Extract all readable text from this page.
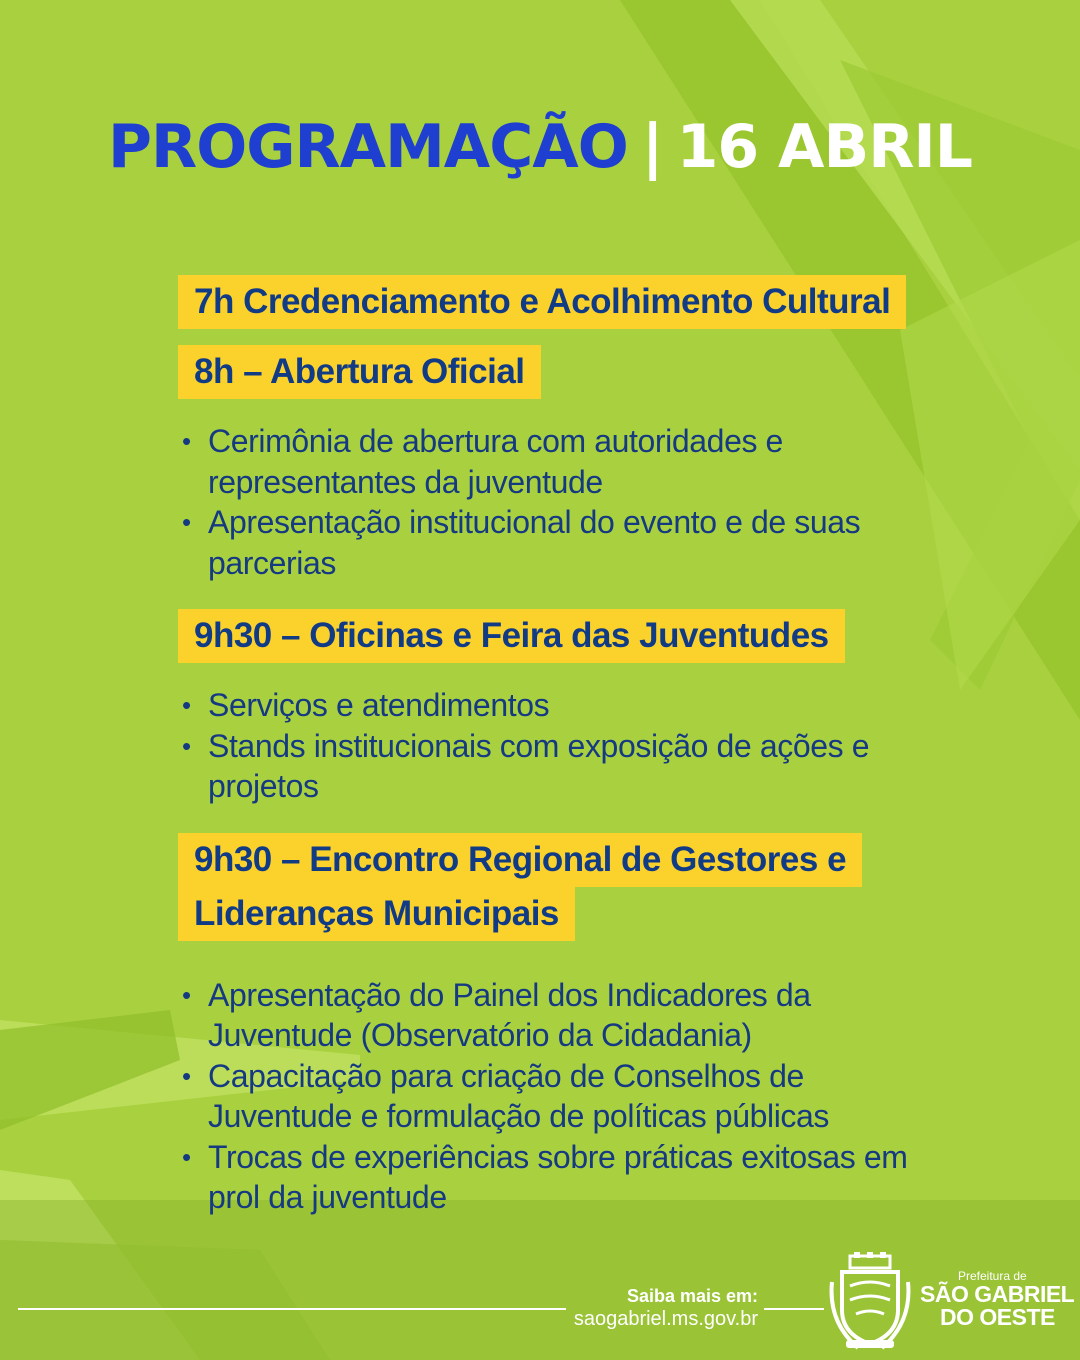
PROGRAMAÇÃO | 16 ABRIL
7h Credenciamento e Acolhimento Cultural
8h – Abertura Oficial
• Cerimônia de abertura com autoridades e representantes da juventude
• Apresentação institucional do evento e de suas parcerias
9h30 – Oficinas e Feira das Juventudes
• Serviços e atendimentos
• Stands institucionais com exposição de ações e projetos
9h30 – Encontro Regional de Gestores e
Lideranças Municipais
• Apresentação do Painel dos Indicadores da Juventude (Observatório da Cidadania)
• Capacitação para criação de Conselhos de Juventude e formulação de políticas públicas
• Trocas de experiências sobre práticas exitosas em prol da juventude
Saiba mais em:
saogabriel.ms.gov.br
Prefeitura de
SÃO GABRIEL
DO OESTE
